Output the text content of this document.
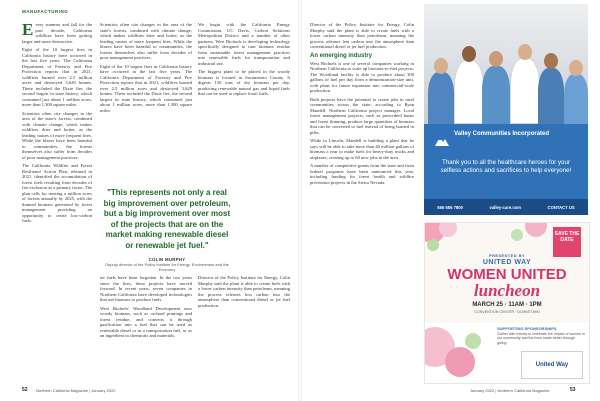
MANUFACTURING

E very summer and fall for the past decade, California wildfires have been getting larger and more destructive.

Eight of the 10 largest fires in California history have occurred in the last five years. The California Department of Forestry and Fire Protection reports that in 2021, wildfires burned over 2.5 million acres and destroyed 3,629 homes. These included the Dixie fire, the second largest in state history, which consumed just about 1 million acres, more than 1,300 square miles.

Scientists often cite changes in the area of the state's forests, combined with climate change, which makes wildfires drier and hotter, as the leading causes of more frequent fires. While the blazes have been harmful to communities, the forests themselves also suffer from decades of poor management practices.

The California Wildfire and Forest Resilience Action Plan, released in 2021, identified the accumulation of forest fuels resulting from decades of fire exclusion as a primary factor. The plan calls for treating a million acres of forests annually by 2025, with the thinned biomass generated by forest management providing an opportunity to create low-carbon fuels.

Scientists often cite changes in the area of the state's forests, combined with climate change, which makes wildfires drier and hotter, as the leading causes of more frequent fires. While the blazes have been harmful to communities, the forests themselves also suffer from decades of poor management practices.

Eight of the 10 largest fires in California history have occurred in the last five years. The California Department of Forestry and Fire Protection reports that in 2021, wildfires burned over 2.5 million acres and destroyed 3,629 homes. These included the Dixie fire, the second largest in state history, which consumed just about 1 million acres, more than 1,300 square miles.

"This represents not only a real big improvement over petroleum, but a big improvement over most of the projects that are on the market making renewable diesel or renewable jet fuel."
COLIN MURPHY
Deputy director of the Policy Institute for Energy, Environment and the Economy

ter fuels have been forgotten. In the two years since the fires, these projects have moved forward. In recent years, seven companies in Northern California have developed technologies that use biomass to produce fuels.

West Biofuels' Woodland Development uses woody biomass, such as orchard prunings and forest residue, and converts it through gasification into a fuel that can be used as renewable diesel or as a transportation fuel, or as an ingredient in chemicals and materials.

Director of the Policy Institute for Energy, Colin Murphy said the plant is able to create fuels with a lower carbon intensity than petroleum, meaning the process releases less carbon into the atmosphere than conventional diesel or jet fuel production.

We begin with the California Energy Commission, UC Davis, Carbon Solutions Metropolitan District and a number of other partners. West Biofuels is developing technology specifically designed to turn biomass residue from sustainable forest management practices into renewable fuels for transportation and industrial use.

The biggest plant to be placed in the woody biomass is located in Sacramento County. It digests 150 tons of dry biomass per day, producing renewable natural gas and liquid fuels that can be used to replace fossil fuels.

Director of the Policy Institute for Energy, Colin Murphy said the plant is able to create fuels with a lower carbon intensity than petroleum, meaning the process releases less carbon into the atmosphere than conventional diesel or jet fuel production.

An emerging industry

West Biofuels is one of several companies working in Northern California to scale up biomass-to-fuel projects. The Woodland facility is able to produce about 300 gallons of fuel per day from a demonstration-size unit, with plans for future expansion into commercial-scale production.

Both projects have the potential to create jobs in rural communities across the state, according to Ryan Mandell, Northern California project manager. Local forest management projects, such as prescribed burns and forest thinning, produce large quantities of biomass that can be converted to fuel instead of being burned in piles.

While in Lincoln, Mandell is building a plant that he says will be able to take more than 40 million gallons of biomass a year to make fuels for heavy-duty trucks and airplanes, creating up to 60 new jobs in the area.

A number of competitive grants from the state and from federal programs have been announced this year, including funding for forest health and wildfire prevention projects in the Sierra Nevada.

Valley Communities Incorporated
Thank you to all the healthcare heroes for your selfless actions and sacrifices to help everyone!
555 555 7800	valley-care.com	CONTACT US
SAVE THE DATE
PRESENTED BY
UNITED WAY
WOMEN UNITED
luncheon
MARCH 25 · 11AM · 1PM
CONVENTION CENTER · DOWNTOWN
SUPPORTING SPONSORSHIPS
Gather with friends to celebrate the impact of women in our community and the lives made better through giving.
United Way
52 Northern California Magazine | January 2022	January 2022 | Northern California Magazine	53
